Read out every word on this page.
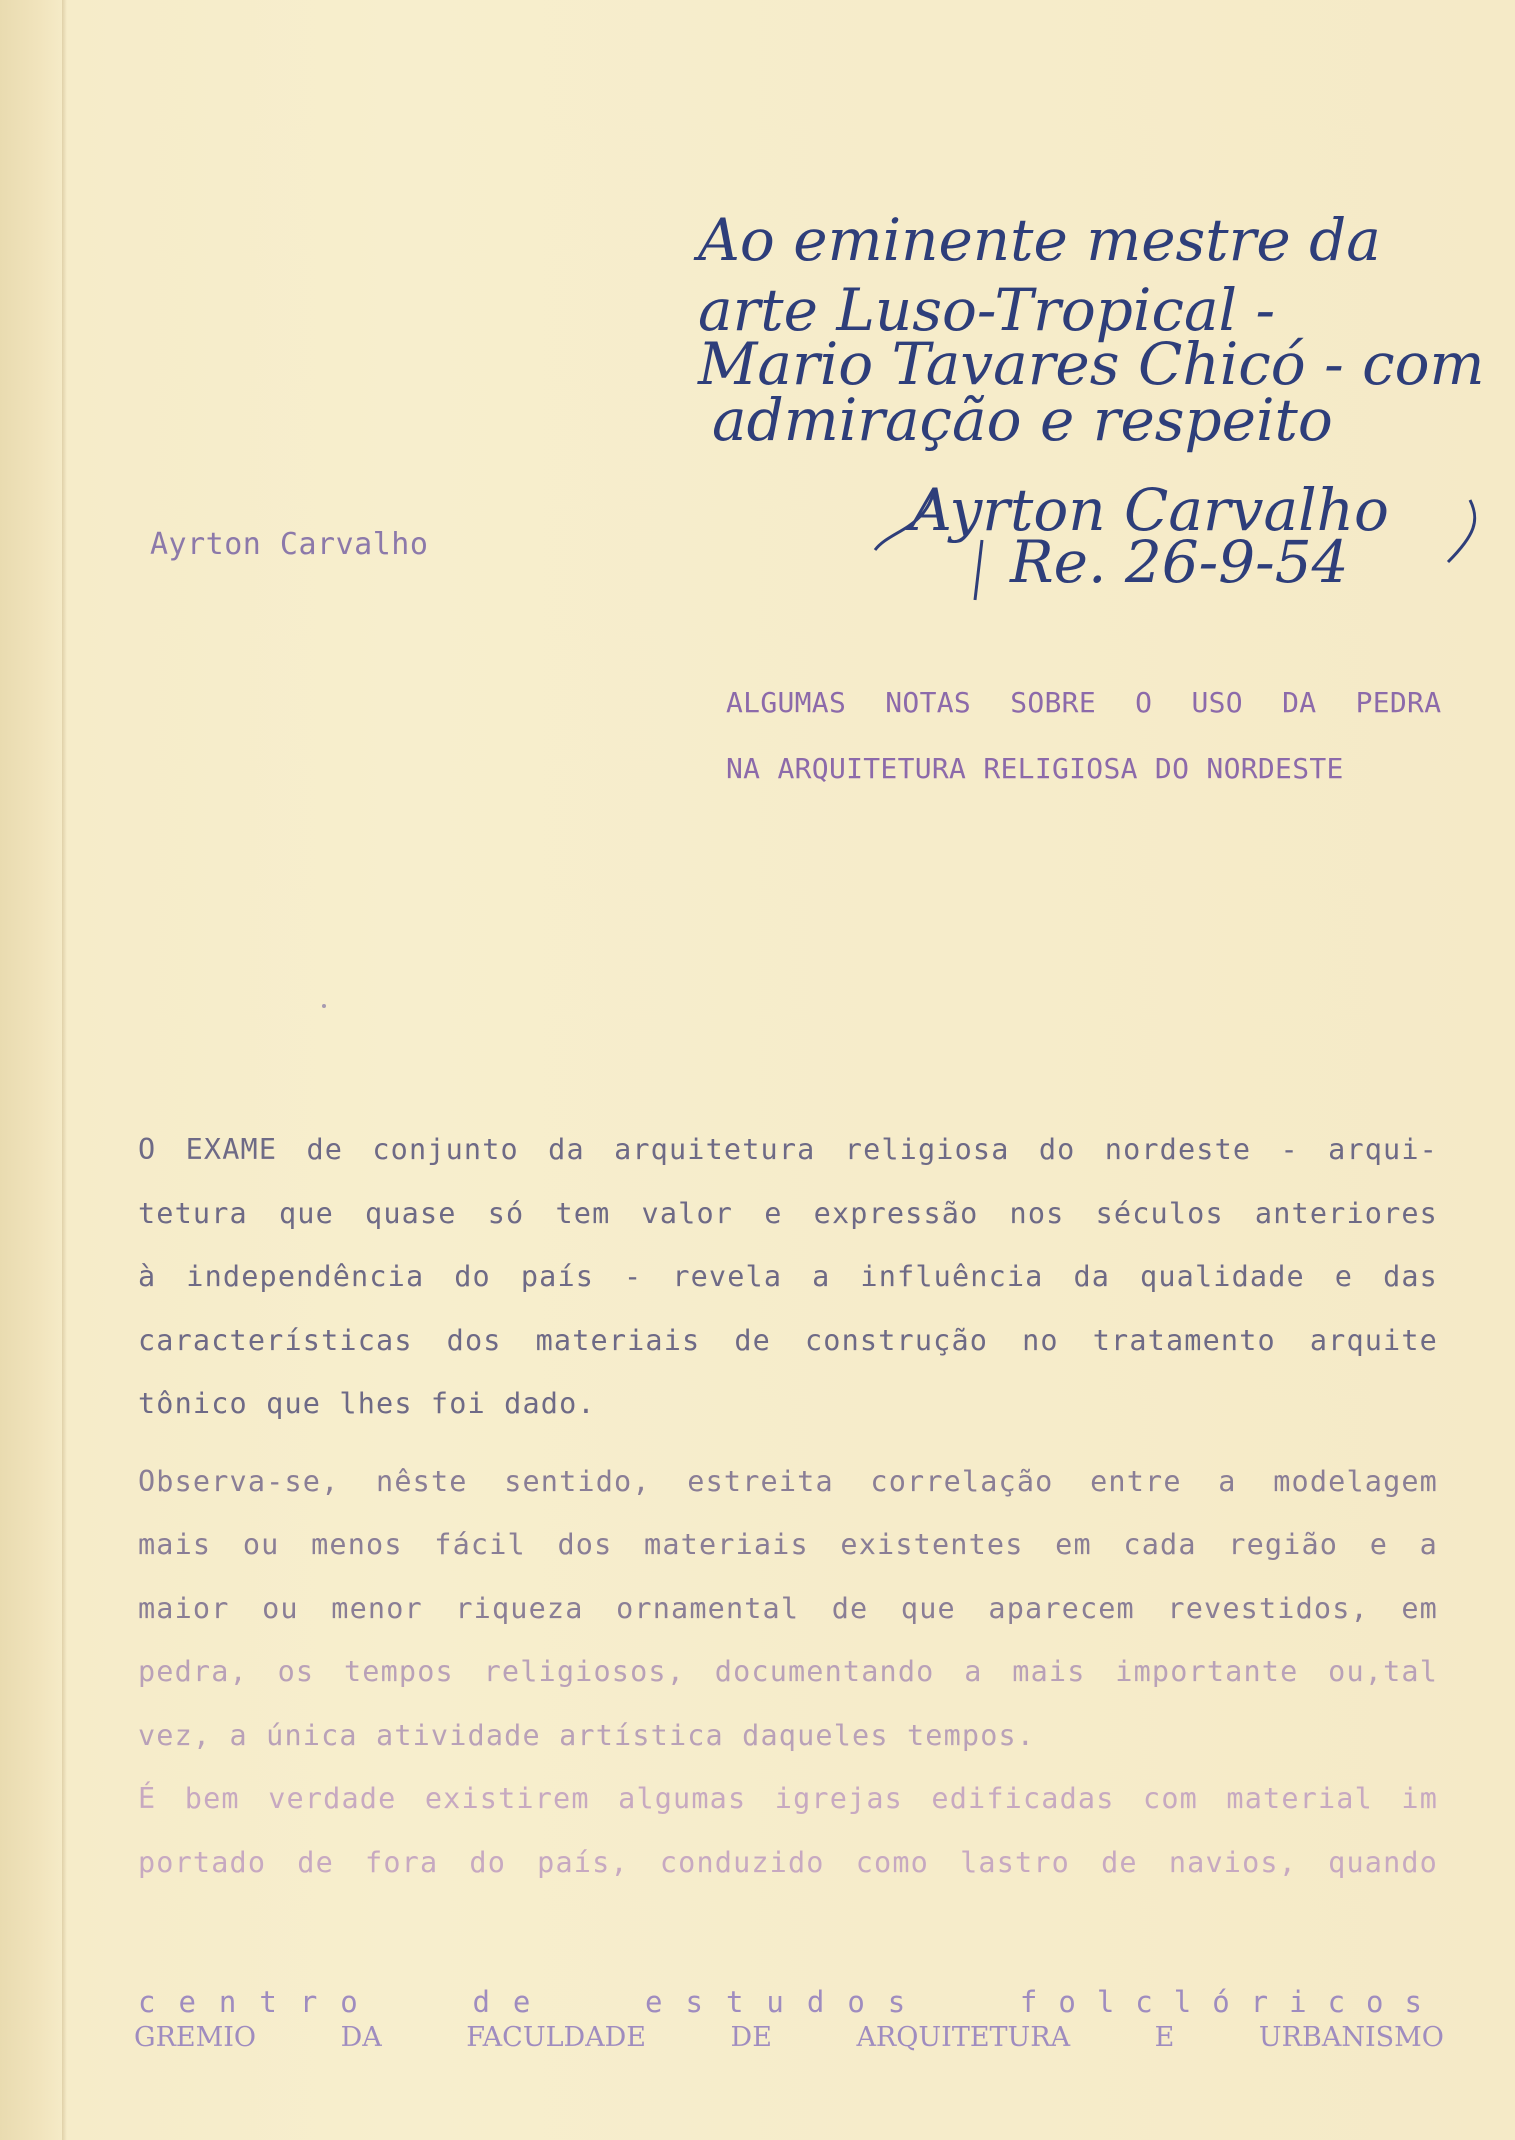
Ao eminente mestre da
arte Luso-Tropical -
Mario Tavares Chicó - com
admiração e respeito
Ayrton Carvalho
Re. 26-9-54
Ayrton Carvalho
ALGUMAS NOTAS SOBRE O USO DA PEDRA
NA ARQUITETURA RELIGIOSA DO NORDESTE
O EXAME de conjunto da arquitetura religiosa do nordeste - arqui-
tetura que quase só tem valor e expressão nos séculos anteriores
à independência do país - revela a influência da qualidade e das
características dos materiais de construção no tratamento arquite
tônico que lhes foi dado.
Observa-se, nêste sentido, estreita correlação entre a modelagem
mais ou menos fácil dos materiais existentes em cada região e a
maior ou menor riqueza ornamental de que aparecem revestidos, em
pedra, os tempos religiosos, documentando a mais importante ou,tal
vez, a única atividade artística daqueles tempos.
É bem verdade existirem algumas igrejas edificadas com material im
portado de fora do país, conduzido como lastro de navios, quando
centro	de	estudos	folclóricos
GREMIO	DA	FACULDADE	DE	ARQUITETURA	E	URBANISMO
